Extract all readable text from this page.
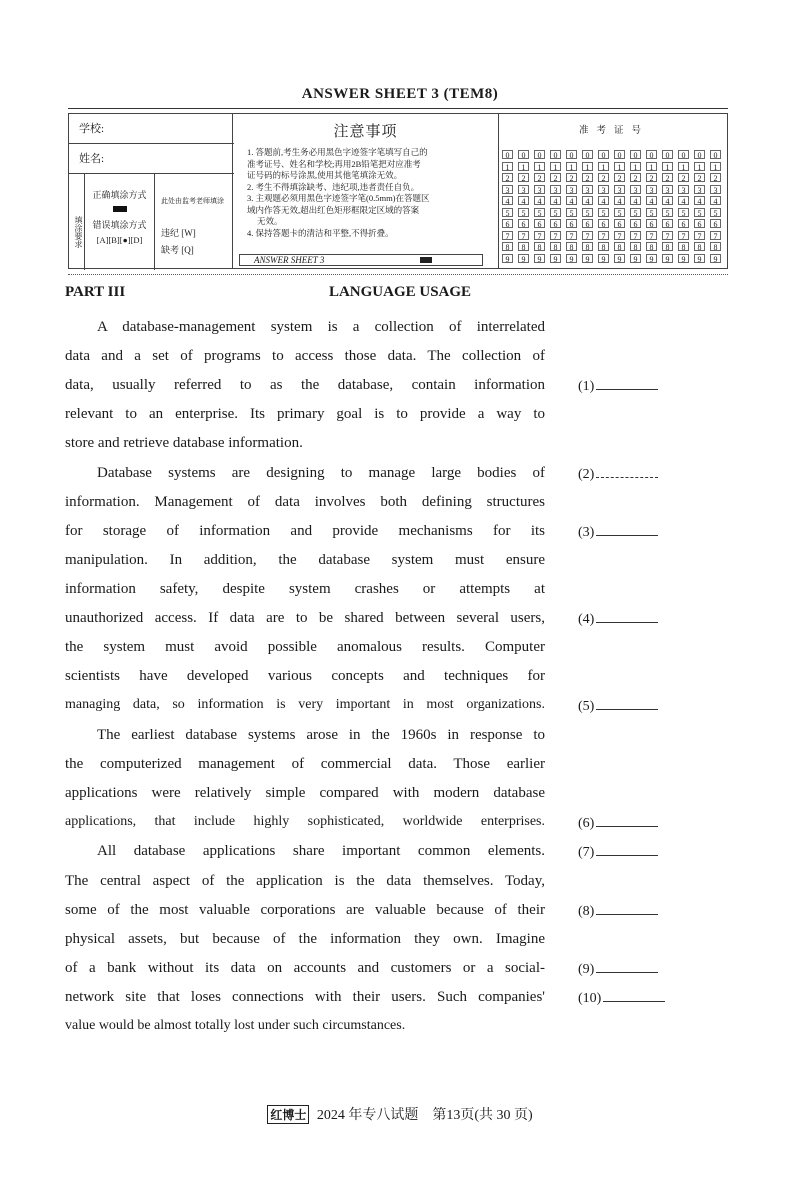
ANSWER SHEET 3 (TEM8)
学校:
姓名:
填涂要求
正确填涂方式
错误填涂方式
[A][B][●][D]
此处由监考老师填涂
违纪 [W]
缺考 [Q]
注意事项
1. 答题前,考生务必用黑色字迹签字笔填写自己的
准考证号、姓名和学校;再用2B铅笔把对应准考
证号码的标号涂黑,使用其他笔填涂无效。
2. 考生不得填涂缺考、违纪项,违者责任自负。
3. 主观题必须用黑色字迹签字笔(0.5mm)在答题区
域内作答无效,超出红色矩形框限定区域的答案
无效。
4. 保持答题卡的清洁和平整,不得折叠。
ANSWER SHEET 3
准考证号
0
1
2
3
4
5
6
7
8
9
0
1
2
3
4
5
6
7
8
9
0
1
2
3
4
5
6
7
8
9
0
1
2
3
4
5
6
7
8
9
0
1
2
3
4
5
6
7
8
9
0
1
2
3
4
5
6
7
8
9
0
1
2
3
4
5
6
7
8
9
0
1
2
3
4
5
6
7
8
9
0
1
2
3
4
5
6
7
8
9
0
1
2
3
4
5
6
7
8
9
0
1
2
3
4
5
6
7
8
9
0
1
2
3
4
5
6
7
8
9
0
1
2
3
4
5
6
7
8
9
0
1
2
3
4
5
6
7
8
9
PART III	LANGUAGE USAGE
A database-management system is a collection of interrelated
data and a set of programs to access those data. The collection of
data, usually referred to as the database, contain information
relevant to an enterprise. Its primary goal is to provide a way to
store and retrieve database information.
Database systems are designing to manage large bodies of
information. Management of data involves both defining structures
for storage of information and provide mechanisms for its
manipulation. In addition, the database system must ensure
information safety, despite system crashes or attempts at
unauthorized access. If data are to be shared between several users,
the system must avoid possible anomalous results. Computer
scientists have developed various concepts and techniques for
managing data, so information is very important in most organizations.
The earliest database systems arose in the 1960s in response to
the computerized management of commercial data. Those earlier
applications were relatively simple compared with modern database
applications, that include highly sophisticated, worldwide enterprises.
All database applications share important common elements.
The central aspect of the application is the data themselves. Today,
some of the most valuable corporations are valuable because of their
physical assets, but because of the information they own. Imagine
of a bank without its data on accounts and customers or a social-
network site that loses connections with their users. Such companies'
value would be almost totally lost under such circumstances.
(1)
(2)
(3)
(4)
(5)
(6)
(7)
(8)
(9)
(10)
红博士 2024 年专八试题　第13页(共 30 页)
